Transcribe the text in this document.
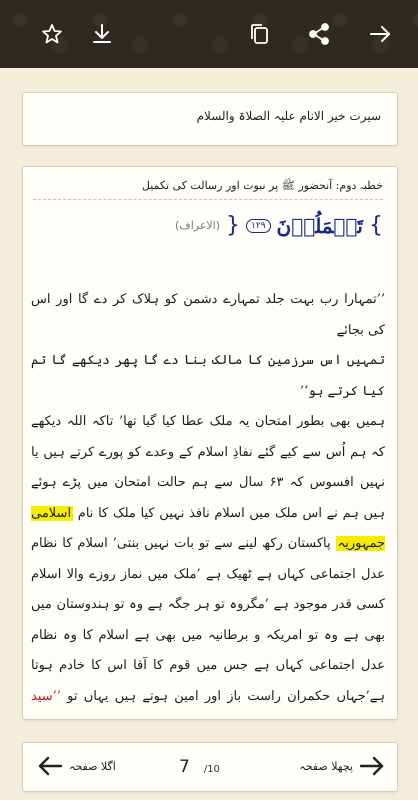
سیرت خیر الانام علیہ الصلاۃ والسلام
خطبہ دوم: آنحضور ﷺ پر نبوت اور رسالت کی تکمیل
}
تَعۡمَلُوۡنَ
١٢٩
{
(الاعراف)
’’تمہارا رب بہت جلد تمہارے دشمن کو ہلاک کر دے گا اور اس کی بجائے
تمہیں اس سرزمین کا مالک بنا دے گا پھر دیکھے گا تم کیا کرتے ہو‘‘
ہمیں بھی بطور امتحان یہ ملک عطا کیا گیا تھا’ تاکہ اللہ دیکھے کہ ہم اُس سے کیے گئے نفاذِ اسلام کے وعدے کو پورے کرتے ہیں یا نہیں افسوس کہ ۶۳ سال سے ہم حالت امتحان میں پڑے ہوئے ہیں ہم نے اس ملک میں اسلام نافذ نہیں کیا ملک کا نام اسلامی جمہوریہ پاکستان رکھ لینے سے تو بات نہیں بنتی’ اسلام کا نظام عدل اجتماعی کہاں ہے ٹھیک ہے ’ملک میں نماز روزے والا اسلام کسی قدر موجود ہے ’مگروہ تو ہر جگہ ہے وہ تو ہندوستان میں بھی ہے وہ تو امریکہ و برطانیہ میں بھی ہے اسلام کا وہ نظام عدل اجتماعی کہاں ہے جس میں قوم کا آقا اس کا خادم ہوتا ہے’جہاں حکمران راست باز اور امین ہوتے ہیں یہاں تو ’’سید
اگلا صفحہ	7 /10	پچھلا صفحہ
